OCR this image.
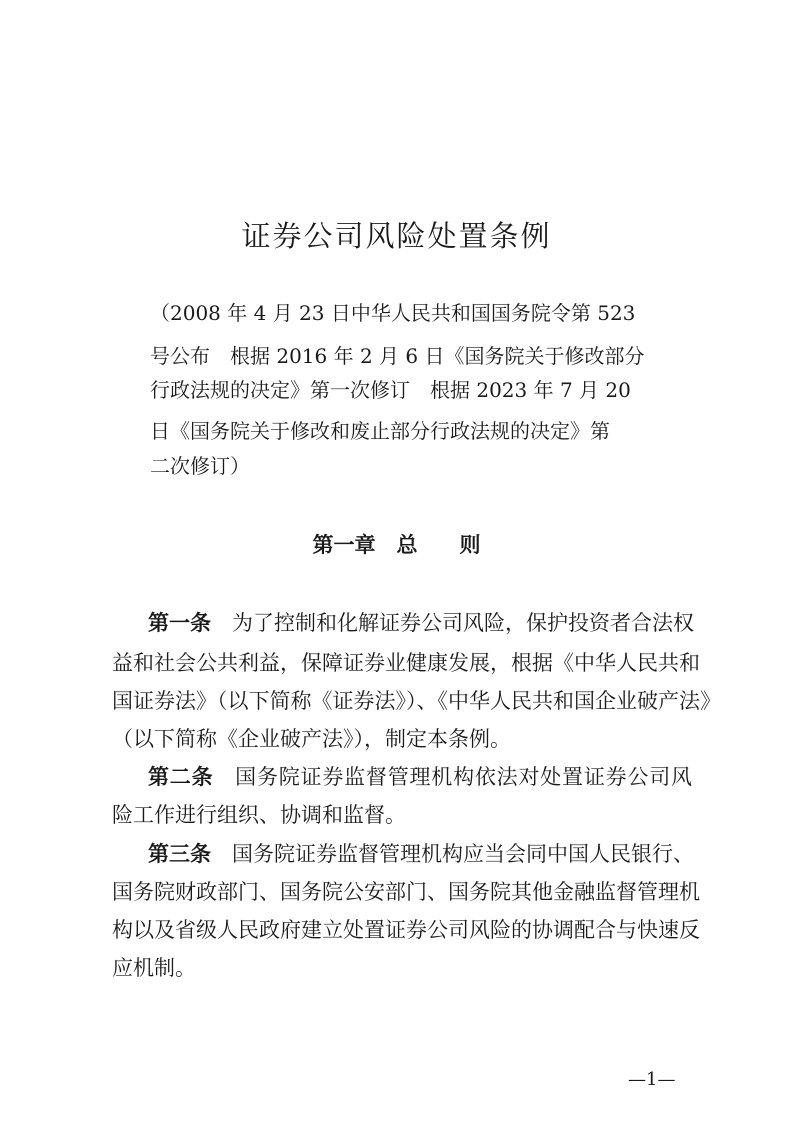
证券公司风险处置条例
（2008 年 4 月 23 日中华人民共和国国务院令第 523
号公布　根据 2016 年 2 月 6 日《国务院关于修改部分
行政法规的决定》第一次修订　根据 2023 年 7 月 20
日《国务院关于修改和废止部分行政法规的决定》第
二次修订）
第一章　总　　则
第一条　 为了控制和化解证券公司风险，保护投资者合法权
益和社会公共利益，保障证券业健康发展，根据《中华人民共和
国证券法》（以下简称《证券法》）、《中华人民共和国企业破产法》
（以下简称《企业破产法》），制定本条例。
第二条　 国务院证券监督管理机构依法对处置证券公司风
险工作进行组织、协调和监督。
第三条　 国务院证券监督管理机构应当会同中国人民银行、
国务院财政部门、国务院公安部门、国务院其他金融监督管理机
构以及省级人民政府建立处置证券公司风险的协调配合与快速反
应机制。
—1—
